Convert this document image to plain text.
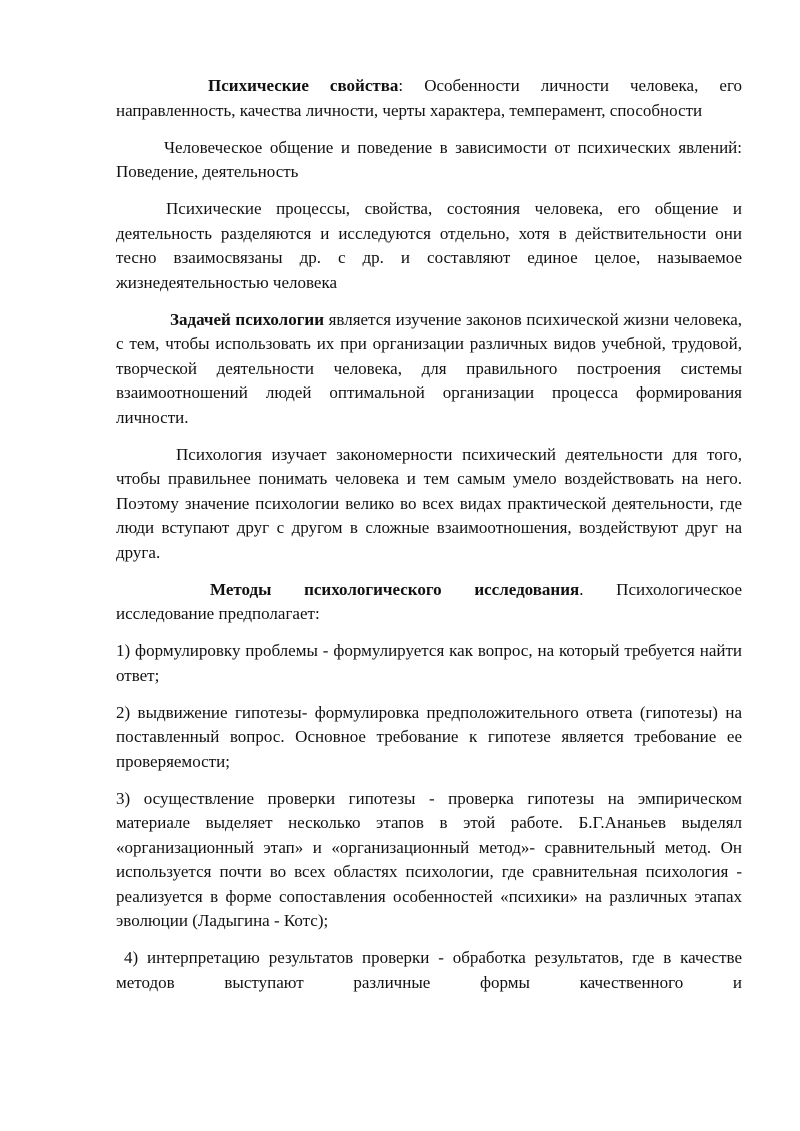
Психические свойства: Особенности личности человека, его направленность, качества личности, черты характера, темперамент, способности

Человеческое общение и поведение в зависимости от психических явлений: Поведение, деятельность

Психические процессы, свойства, состояния человека, его общение и деятельность разделяются и исследуются отдельно, хотя в действительности они тесно взаимосвязаны др. с др. и составляют единое целое, называемое жизнедеятельностью человека

Задачей психологии является изучение законов психической жизни человека, с тем, чтобы использовать их при организации различных видов учебной, трудовой, творческой деятельности человека, для правильного построения системы взаимоотношений людей оптимальной организации процесса формирования личности.

Психология изучает закономерности психический деятельности для того, чтобы правильнее понимать человека и тем самым умело воздействовать на него. Поэтому значение психологии велико во всех видах практической деятельности, где люди вступают друг с другом в сложные взаимоотношения, воздействуют друг на друга.

Методы психологического исследования. Психологическое исследование предполагает:

1) формулировку проблемы - формулируется как вопрос, на который требуется найти ответ;

2) выдвижение гипотезы- формулировка предположительного ответа (гипотезы) на поставленный вопрос. Основное требование к гипотезе является требование ее проверяемости;

3) осуществление проверки гипотезы - проверка гипотезы на эмпирическом материале выделяет несколько этапов в этой работе. Б.Г.Ананьев выделял «организационный этап» и «организационный метод»- сравнительный метод. Он используется почти во всех областях психологии, где сравнительная психология - реализуется в форме сопоставления особенностей «психики» на различных этапах эволюции (Ладыгина - Котс);

4) интерпретацию результатов проверки - обработка результатов, где в качестве методов выступают различные формы качественного и
